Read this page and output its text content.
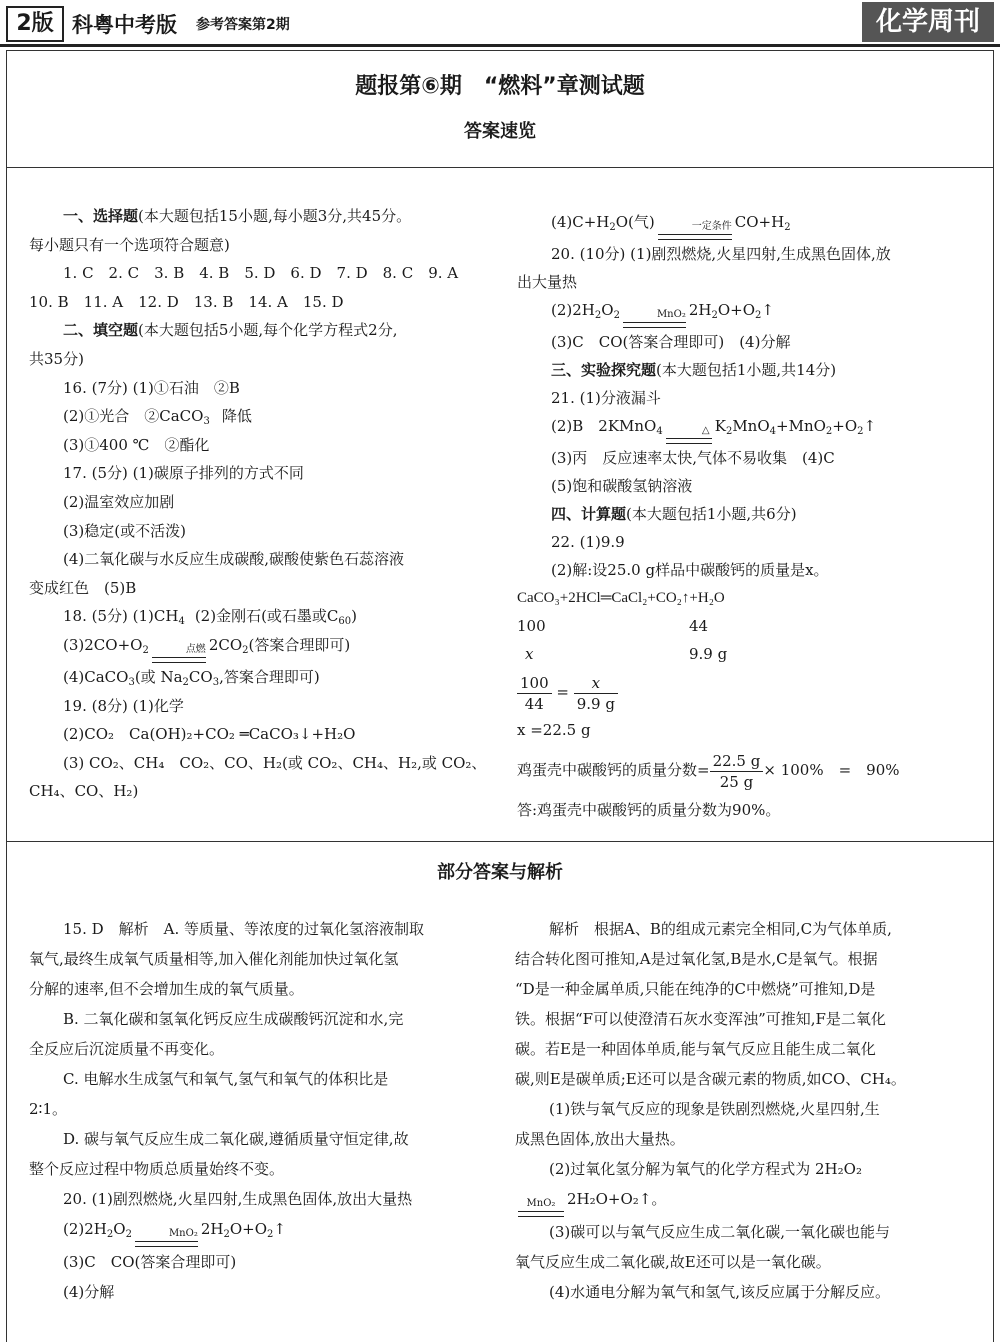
2版 科粤中考版 参考答案第2期	化学周刊
题报第⑥期　“燃料”章测试题
答案速览

一、选择题(本大题包括15小题,每小题3分,共45分。

每小题只有一个选项符合题意)

1. C　2. C　3. B　4. B　5. D　6. D　7. D　8. C　9. A

10. B　11. A　12. D　13. B　14. A　15. D

二、填空题(本大题包括5小题,每个化学方程式2分,

共35分)

16. (7分) (1)①石油　②B

(2)①光合　②CaCO$_3$ 降低

(3)①400 ℃　②酯化

17. (5分) (1)碳原子排列的方式不同

(2)温室效应加剧

(3)稳定(或不活泼)

(4)二氧化碳与水反应生成碳酸,碳酸使紫色石蕊溶液

变成红色　(5)B

18. (5分) $(1)CH_4$ (2)金刚石(或石墨或$C_{60}$)

$(3)2CO+O_2$	点燃 $2CO_2$(答案合理即可)

(4)CaCO$_3$(或 $Na_2CO_3$,答案合理即可)

19. (8分) (1)化学

(2)CO₂　Ca(OH)₂+CO₂ ═CaCO₃↓+H₂O

(3) CO₂、CH₄　CO₂、CO、H₂(或 CO₂、CH₄、H₂,或 CO₂、

CH₄、CO、H₂)

$(4)C+H_2O$(气)	一定条件 $CO+H_2$

20. (10分) (1)剧烈燃烧,火星四射,生成黑色固体,放

出大量热

$(2)2H_2O_2$	MnO₂ $2H_2O+O_2↑$

(3)C　CO(答案合理即可)　(4)分解

三、实验探究题(本大题包括1小题,共14分)

21. (1)分液漏斗

(2)B　2KMnO$_4$	△ $K_2MnO_4+MnO_2+O_2↑$

(3)丙　反应速率太快,气体不易收集　(4)C

(5)饱和碳酸氢钠溶液

四、计算题(本大题包括1小题,共6分)

22. (1)9.9

(2)解:设25.0 g样品中碳酸钙的质量是x。

CaCO₃+2HCl═CaCl₂+CO₂↑+H₂O

100	44

x	9.9 g

$\frac{100}{44} = \frac{x}{9.9 g}$

x =22.5 g

鸡蛋壳中碳酸钙的质量分数= $\frac{22.5 g}{25 g} \times 100\%$　=　90%

答:鸡蛋壳中碳酸钙的质量分数为90%。

部分答案与解析

15. D　解析　A. 等质量、等浓度的过氧化氢溶液制取

氧气,最终生成氧气质量相等,加入催化剂能加快过氧化氢

分解的速率,但不会增加生成的氧气质量。

B. 二氧化碳和氢氧化钙反应生成碳酸钙沉淀和水,完

全反应后沉淀质量不再变化。

C. 电解水生成氢气和氧气,氢气和氧气的体积比是

2∶1。

D. 碳与氧气反应生成二氧化碳,遵循质量守恒定律,故

整个反应过程中物质总质量始终不变。

20. (1)剧烈燃烧,火星四射,生成黑色固体,放出大量热

$(2)2H_2O_2$	MnO₂ $2H_2O+O_2↑$

(3)C　CO(答案合理即可)

(4)分解

解析　根据A、B的组成元素完全相同,C为气体单质,

结合转化图可推知,A是过氧化氢,B是水,C是氧气。根据

“D是一种金属单质,只能在纯净的C中燃烧”可推知,D是

铁。根据“F可以使澄清石灰水变浑浊”可推知,F是二氧化

碳。若E是一种固体单质,能与氧气反应且能生成二氧化

碳,则E是碳单质;E还可以是含碳元素的物质,如CO、CH₄。

(1)铁与氧气反应的现象是铁剧烈燃烧,火星四射,生

成黑色固体,放出大量热。

(2)过氧化氢分解为氧气的化学方程式为 2H₂O₂

MnO₂ 2H₂O+O₂↑。

(3)碳可以与氧气反应生成二氧化碳,一氧化碳也能与

氧气反应生成二氧化碳,故E还可以是一氧化碳。

(4)水通电分解为氧气和氢气,该反应属于分解反应。
